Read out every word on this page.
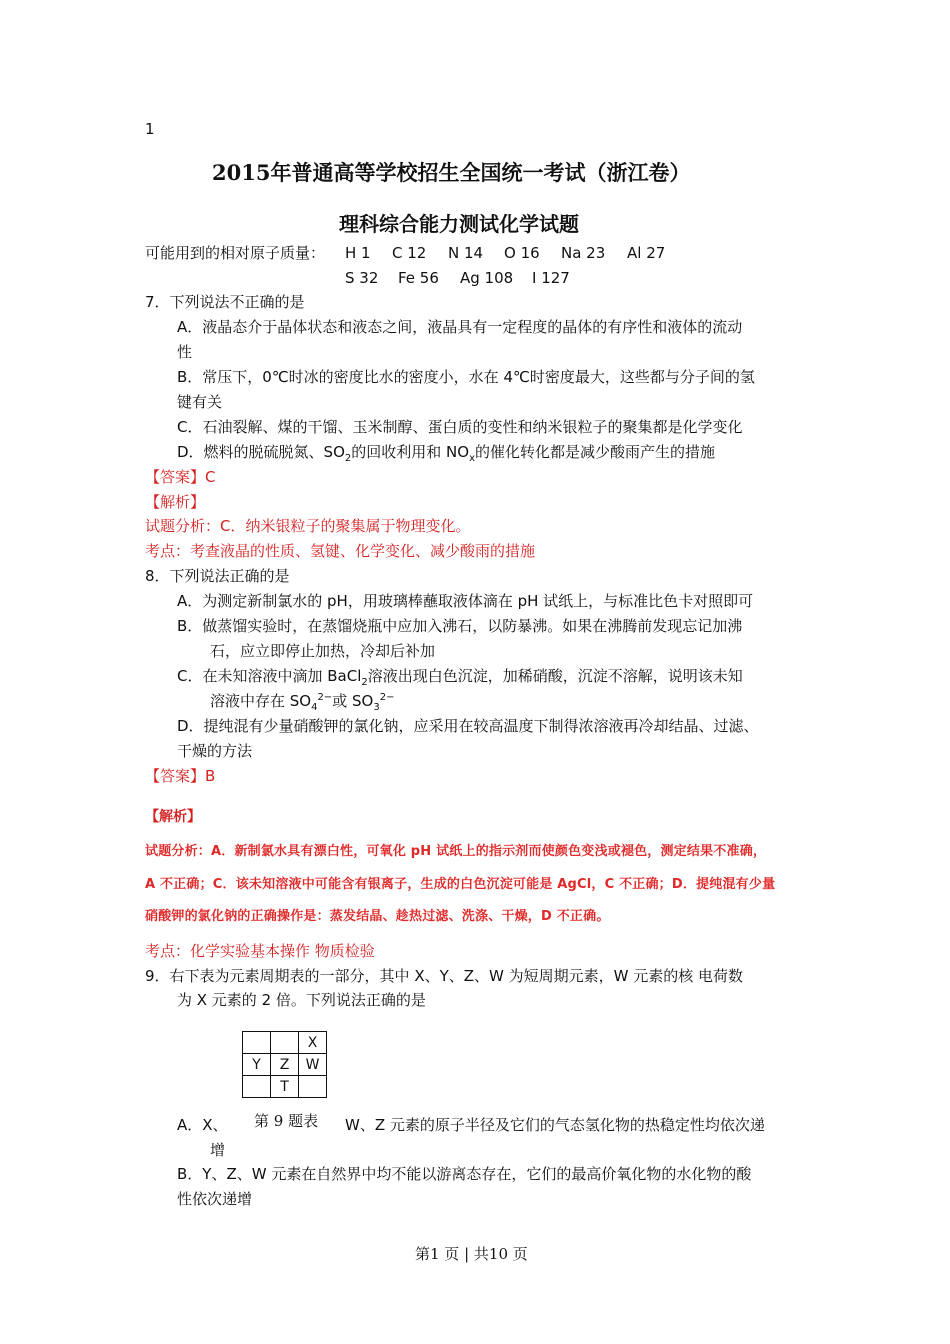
1
2015年普通高等学校招生全国统一考试（浙江卷）
理科综合能力测试化学试题
可能用到的相对原子质量： H 1 C 12 N 14 O 16 Na 23 Al 27
S 32 Fe 56 Ag 108 I 127
7．下列说法不正确的是
A．液晶态介于晶体状态和液态之间，液晶具有一定程度的晶体的有序性和液体的流动
性
B．常压下，0℃时冰的密度比水的密度小，水在 4℃时密度最大，这些都与分子间的氢
键有关
C．石油裂解、煤的干馏、玉米制醇、蛋白质的变性和纳米银粒子的聚集都是化学变化
D．燃料的脱硫脱氮、$SO_2$的回收利用和 $NO_x$的催化转化都是减少酸雨产生的措施
【答案】C
【解析】
试题分析：C．纳米银粒子的聚集属于物理变化。
考点：考查液晶的性质、氢键、化学变化、减少酸雨的措施
8．下列说法正确的是
A．为测定新制氯水的 pH，用玻璃棒蘸取液体滴在 pH 试纸上，与标准比色卡对照即可
B．做蒸馏实验时，在蒸馏烧瓶中应加入沸石，以防暴沸。如果在沸腾前发现忘记加沸
石，应立即停止加热，冷却后补加
C．在未知溶液中滴加 BaCl$_2$溶液出现白色沉淀，加稀硝酸，沉淀不溶解，说明该未知
溶液中存在 $SO_4^{2-}$或 $SO_3^{2-}$
D．提纯混有少量硝酸钾的氯化钠，应采用在较高温度下制得浓溶液再冷却结晶、过滤、
干燥的方法
【答案】B
【解析】
试题分析：A．新制氯水具有漂白性，可氧化 pH 试纸上的指示剂而使颜色变浅或褪色，测定结果不准确，
A 不正确；C．该未知溶液中可能含有银离子，生成的白色沉淀可能是 AgCl，C 不正确；D．提纯混有少量
硝酸钾的氯化钠的正确操作是：蒸发结晶、趁热过滤、洗涤、干燥，D 不正确。
考点：化学实验基本操作 物质检验
9．右下表为元素周期表的一部分，其中 X、Y、Z、W 为短周期元素，W 元素的核 电荷数
为 X 元素的 2 倍。下列说法正确的是
		X
Y	Z	W
	T	
A．X、 第 9 题表 W、Z 元素的原子半径及它们的气态氢化物的热稳定性均依次递
增
B．Y、Z、W 元素在自然界中均不能以游离态存在，它们的最高价氧化物的水化物的酸
性依次递增
第1 页 | 共10 页
